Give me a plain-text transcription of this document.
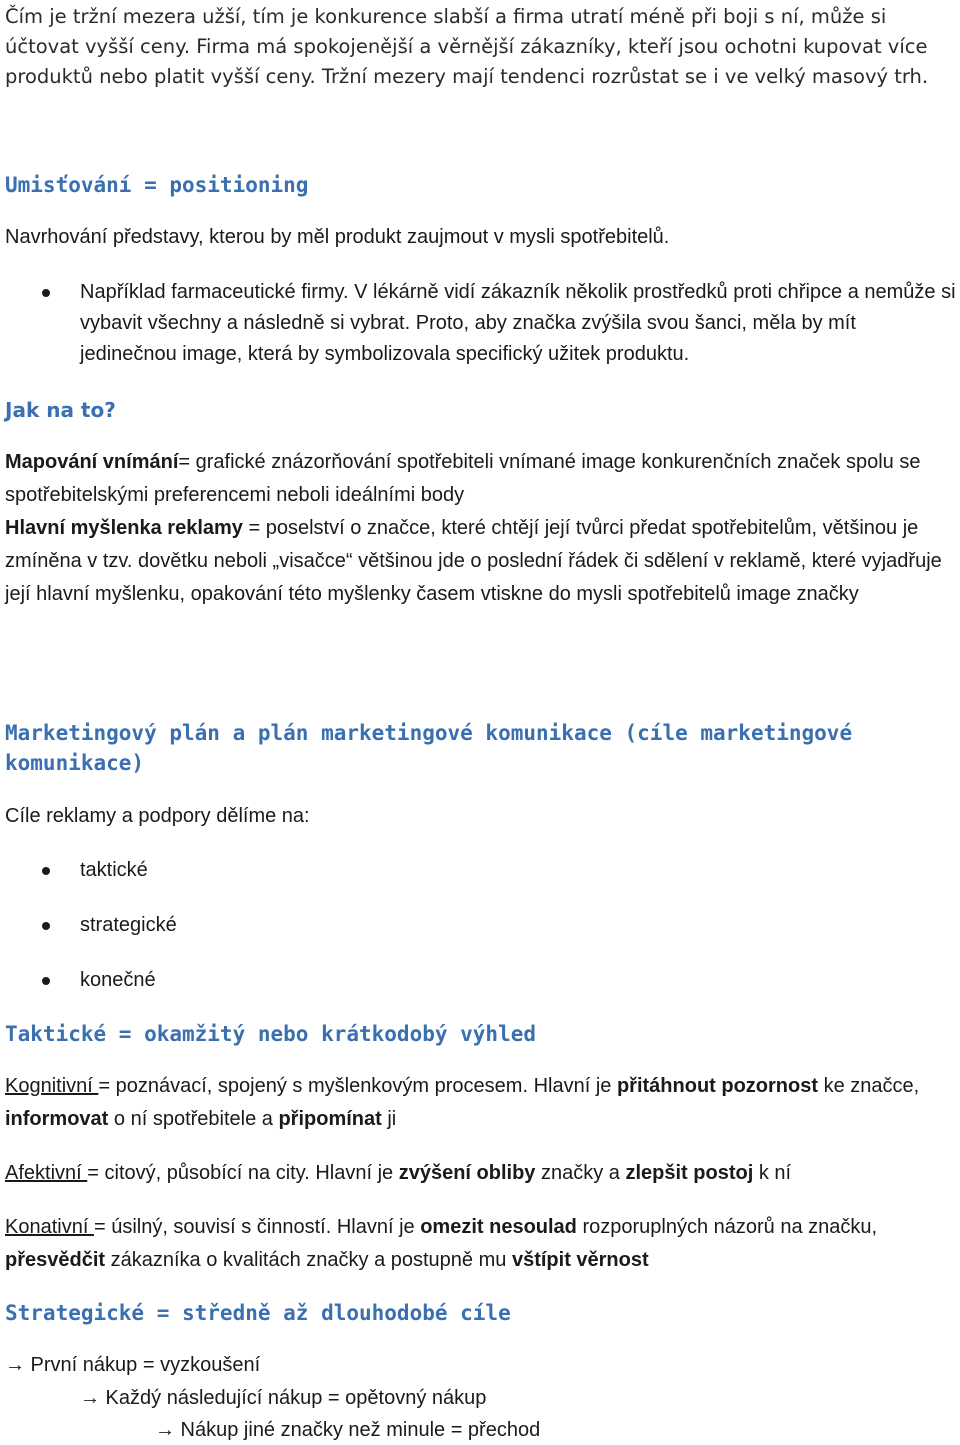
Čím je tržní mezera užší, tím je konkurence slabší a firma utratí méně při boji s ní, může si účtovat vyšší ceny. Firma má spokojenější a věrnější zákazníky, kteří jsou ochotni kupovat více produktů nebo platit vyšší ceny. Tržní mezery mají tendenci rozrůstat se i ve velký masový trh.

Umisťování = positioning

Navrhování představy, kterou by měl produkt zaujmout v mysli spotřebitelů.

Například farmaceutické firmy. V lékárně vidí zákazník několik prostředků proti chřipce a nemůže si vybavit všechny a následně si vybrat. Proto, aby značka zvýšila svou šanci, měla by mít jedinečnou image, která by symbolizovala specifický užitek produktu.
Jak na to?

Mapování vnímání= grafické znázorňování spotřebiteli vnímané image konkurenčních značek spolu se spotřebitelskými preferencemi neboli ideálními body

Hlavní myšlenka reklamy = poselství o značce, které chtějí její tvůrci předat spotřebitelům, většinou je zmíněna v tzv. dovětku neboli „visačce“ většinou jde o poslední řádek či sdělení v reklamě, které vyjadřuje její hlavní myšlenku, opakování této myšlenky časem vtiskne do mysli spotřebitelů image značky

Marketingový plán a plán marketingové komunikace (cíle marketingové komunikace)

Cíle reklamy a podpory dělíme na:

taktické
strategické
konečné
Taktické = okamžitý nebo krátkodobý výhled

Kognitivní = poznávací, spojený s myšlenkovým procesem. Hlavní je přitáhnout pozornost ke značce, informovat o ní spotřebitele a připomínat ji

Afektivní = citový, působící na city. Hlavní je zvýšení obliby značky a zlepšit postoj k ní

Konativní = úsilný, souvisí s činností. Hlavní je omezit nesoulad rozporuplných názorů na značku, přesvědčit zákazníka o kvalitách značky a postupně mu vštípit věrnost

Strategické = středně až dlouhodobé cíle
→ První nákup = vyzkoušení
→ Každý následující nákup = opětovný nákup
→ Nákup jiné značky než minule = přechod
